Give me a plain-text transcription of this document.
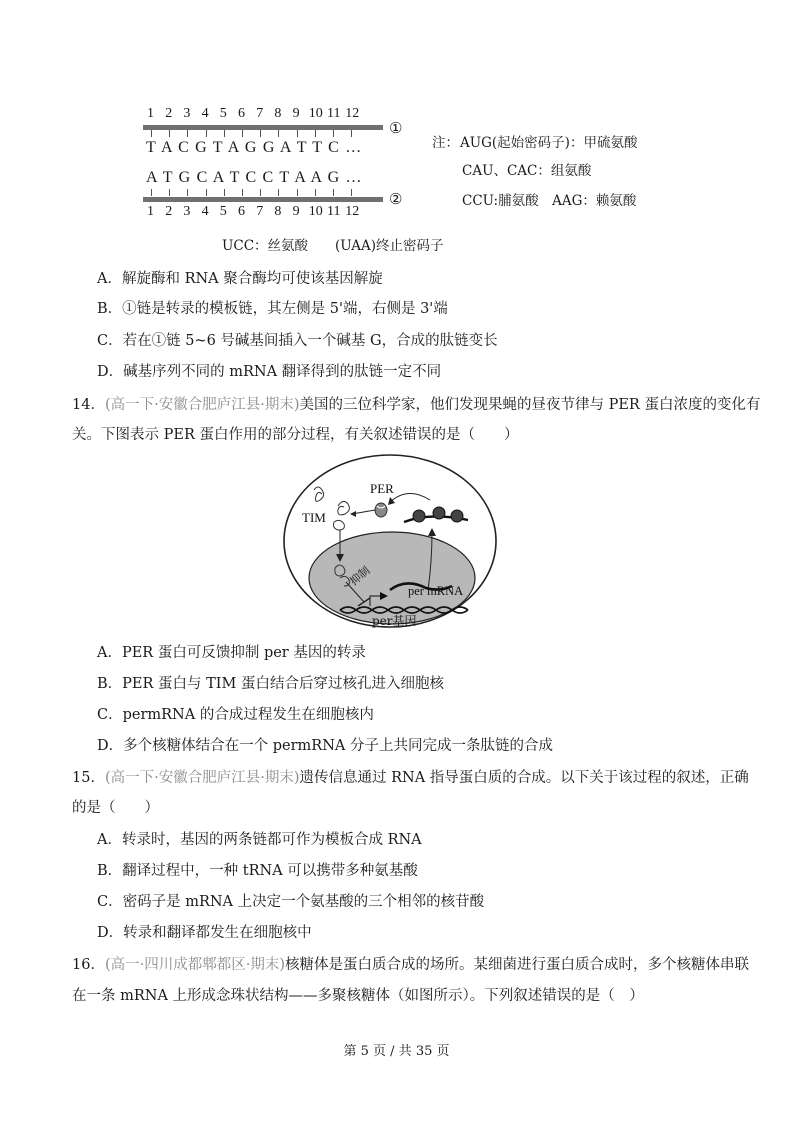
1 2 3 4 5 6 7 8 9 10 11 12
①
T A C G T A G G A T T C …
A T G C A T C C T A A G …
②
1 2 3 4 5 6 7 8 9 10 11 12
注： AUG(起始密码子)：甲硫氨酸
CAU、CAC：组氨酸
CCU:脯氨酸　AAG：赖氨酸
UCC：丝氨酸　　(UAA)终止密码子
A．解旋酶和 RNA 聚合酶均可使该基因解旋
B．①链是转录的模板链，其左侧是 5'端，右侧是 3'端
C．若在①链 5~6 号碱基间插入一个碱基 G，合成的肽链变长
D．碱基序列不同的 mRNA 翻译得到的肽链一定不同
14．(高一下·安徽合肥庐江县·期末)美国的三位科学家，他们发现果蝇的昼夜节律与 PER 蛋白浓度的变化有
关。下图表示 PER 蛋白作用的部分过程，有关叙述错误的是（　　）
PER
TIM
抑制
per mRNA
per基因
A．PER 蛋白可反馈抑制 per 基因的转录
B．PER 蛋白与 TIM 蛋白结合后穿过核孔进入细胞核
C．permRNA 的合成过程发生在细胞核内
D．多个核糖体结合在一个 permRNA 分子上共同完成一条肽链的合成
15．(高一下·安徽合肥庐江县·期末)遗传信息通过 RNA 指导蛋白质的合成。以下关于该过程的叙述，正确
的是（　　）
A．转录时，基因的两条链都可作为模板合成 RNA
B．翻译过程中，一种 tRNA 可以携带多种氨基酸
C．密码子是 mRNA 上决定一个氨基酸的三个相邻的核苷酸
D．转录和翻译都发生在细胞核中
16．(高一·四川成都郫都区·期末)核糖体是蛋白质合成的场所。某细菌进行蛋白质合成时，多个核糖体串联
在一条 mRNA 上形成念珠状结构——多聚核糖体（如图所示）。下列叙述错误的是（　）
第 5 页 / 共 35 页
